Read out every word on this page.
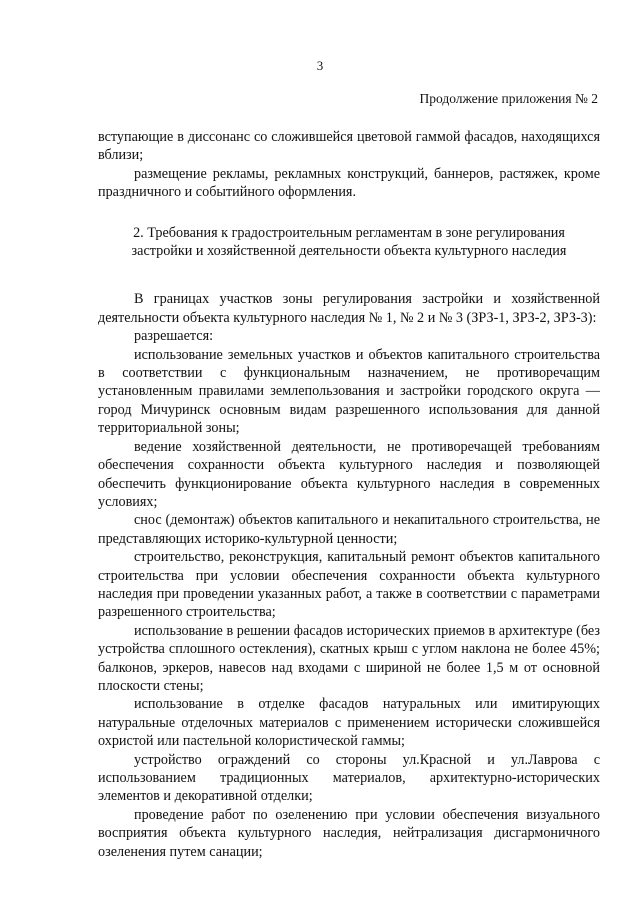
3
Продолжение приложения № 2

вступающие в диссонанс со сложившейся цветовой гаммой фасадов, находящихся вблизи;

размещение рекламы, рекламных конструкций, баннеров, растяжек, кроме праздничного и событийного оформления.

2. Требования к градостроительным регламентам в зоне регулирования застройки и хозяйственной деятельности объекта культурного наследия

В границах участков зоны регулирования застройки и хозяйственной деятельности объекта культурного наследия № 1, № 2 и № 3 (ЗРЗ-1, ЗРЗ-2, ЗРЗ-3):

разрешается:

использование земельных участков и объектов капитального строительства в соответствии с функциональным назначением, не противоречащим установленным правилами землепользования и застройки городского округа — город Мичуринск основным видам разрешенного использования для данной территориальной зоны;

ведение хозяйственной деятельности, не противоречащей требованиям обеспечения сохранности объекта культурного наследия и позволяющей обеспечить функционирование объекта культурного наследия в современных условиях;

снос (демонтаж) объектов капитального и некапитального строительства, не представляющих историко-культурной ценности;

строительство, реконструкция, капитальный ремонт объектов капитального строительства при условии обеспечения сохранности объекта культурного наследия при проведении указанных работ, а также в соответствии с параметрами разрешенного строительства;

использование в решении фасадов исторических приемов в архитектуре (без устройства сплошного остекления), скатных крыш с углом наклона не более 45%; балконов, эркеров, навесов над входами с шириной не более 1,5 м от основной плоскости стены;

использование в отделке фасадов натуральных или имитирующих натуральные отделочных материалов с применением исторически сложившейся охристой или пастельной колористической гаммы;

устройство ограждений со стороны ул.Красной и ул.Лаврова с использованием традиционных материалов, архитектурно-исторических элементов и декоративной отделки;

проведение работ по озеленению при условии обеспечения визуального восприятия объекта культурного наследия, нейтрализация дисгармоничного озеленения путем санации;
